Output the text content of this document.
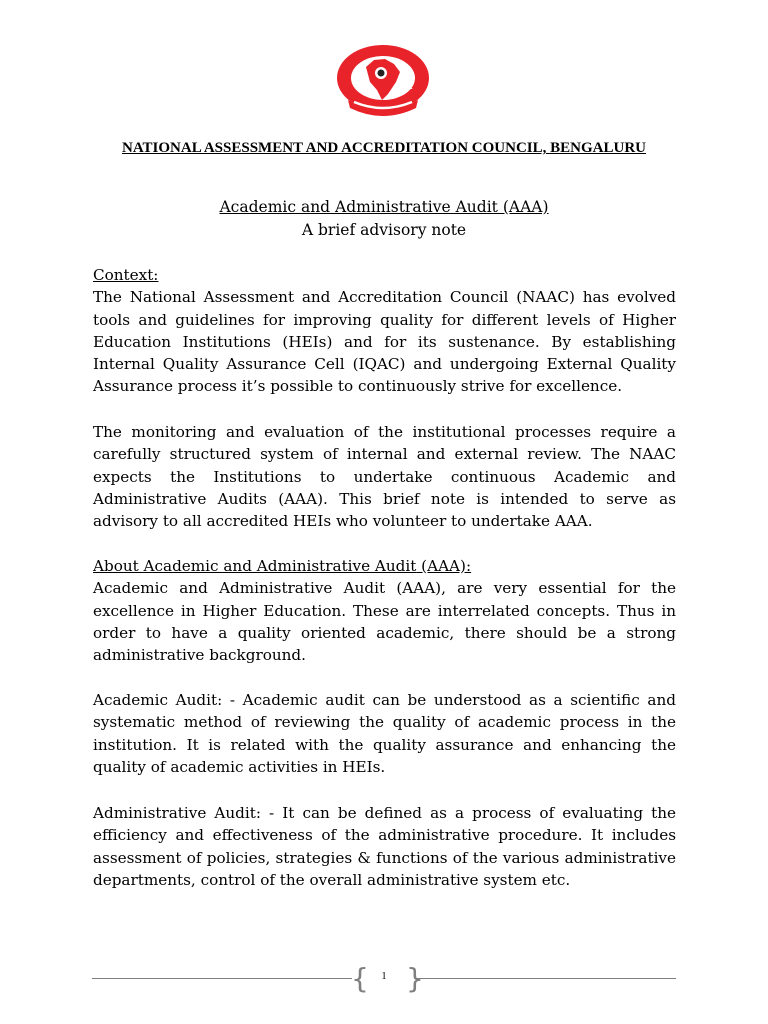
NAAC
NATIONAL ASSESSMENT AND ACCREDITATION COUNCIL, BENGALURU
Academic and Administrative Audit (AAA)
A brief advisory note

Context:

The National Assessment and Accreditation Council (NAAC) has evolved tools and guidelines for improving quality for different levels of Higher Education Institutions (HEIs) and for its sustenance. By establishing Internal Quality Assurance Cell (IQAC) and undergoing External Quality Assurance process it’s possible to continuously strive for excellence.

The monitoring and evaluation of the institutional processes require a carefully structured system of internal and external review. The NAAC expects the Institutions to undertake continuous Academic and Administrative Audits (AAA). This brief note is intended to serve as advisory to all accredited HEIs who volunteer to undertake AAA.

About Academic and Administrative Audit (AAA):

Academic and Administrative Audit (AAA), are very essential for the excellence in Higher Education. These are interrelated concepts. Thus in order to have a quality oriented academic, there should be a strong administrative background.

Academic Audit: - Academic audit can be understood as a scientific and systematic method of reviewing the quality of academic process in the institution. It is related with the quality assurance and enhancing the quality of academic activities in HEIs.

Administrative Audit: - It can be defined as a process of evaluating the efficiency and effectiveness of the administrative procedure. It includes assessment of policies, strategies & functions of the various administrative departments, control of the overall administrative system etc.

{ }
1
